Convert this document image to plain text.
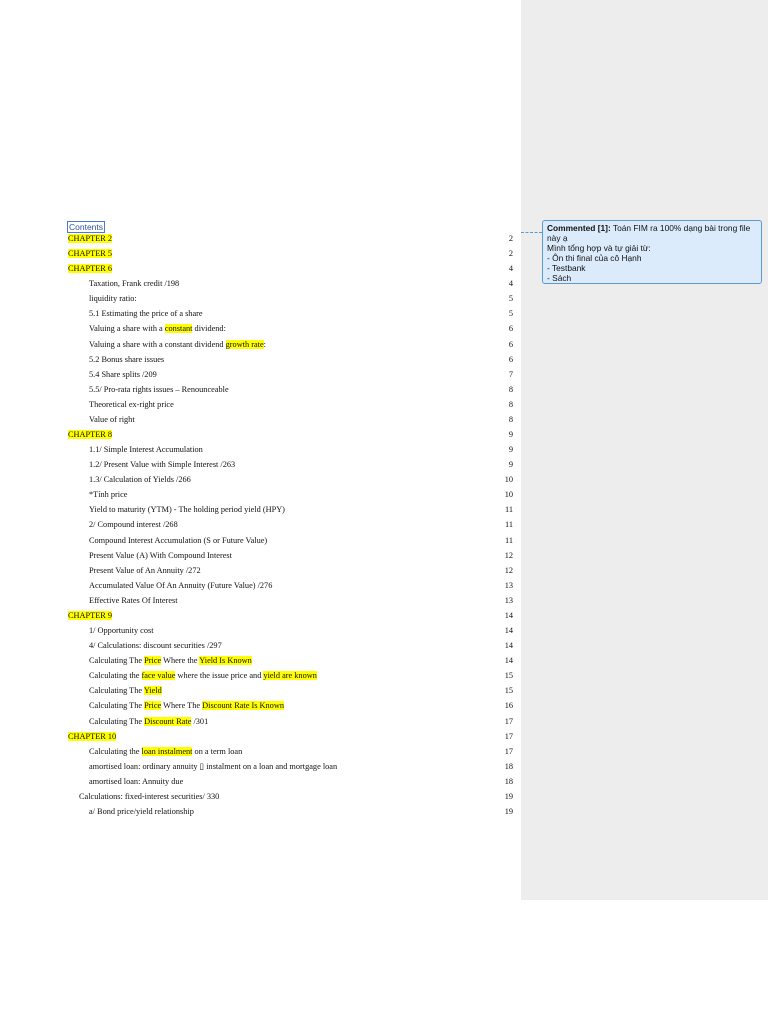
Contents
CHAPTER 2	2
CHAPTER 5	2
CHAPTER 6	4
Taxation, Frank credit /198	4
liquidity ratio:	5
5.1 Estimating the price of a share	5
Valuing a share with a constant dividend:	6
Valuing a share with a constant dividend growth rate:	6
5.2 Bonus share issues	6
5.4 Share splits /209	7
5.5/ Pro-rata rights issues – Renounceable	8
Theoretical ex-right price	8
Value of right	8
CHAPTER 8	9
1.1/ Simple Interest Accumulation	9
1.2/ Present Value with Simple Interest /263	9
1.3/ Calculation of Yields /266	10
*Tính price	10
Yield to maturity (YTM) - The holding period yield (HPY)	11
2/ Compound interest /268	11
Compound Interest Accumulation (S or Future Value)	11
Present Value (A) With Compound Interest	12
Present Value of An Annuity /272	12
Accumulated Value Of An Annuity (Future Value) /276	13
Effective Rates Of Interest	13
CHAPTER 9	14
1/ Opportunity cost	14
4/ Calculations: discount securities /297	14
Calculating The Price Where the Yield Is Known	14
Calculating the face value where the issue price and yield are known	15
Calculating The Yield	15
Calculating The Price Where The Discount Rate Is Known	16
Calculating The Discount Rate /301	17
CHAPTER 10	17
Calculating the loan instalment on a term loan	17
amortised loan: ordinary annuity ▯ instalment on a loan and mortgage loan	18
amortised loan: Annuity due	18
Calculations: fixed-interest securities/ 330	19
a/ Bond price/yield relationship	19
Commented [1]: Toán FIM ra 100% dạng bài trong file này ạ
Mình tổng hợp và tự giải từ:
- Ôn thi final của cô Hạnh
- Testbank
- Sách
